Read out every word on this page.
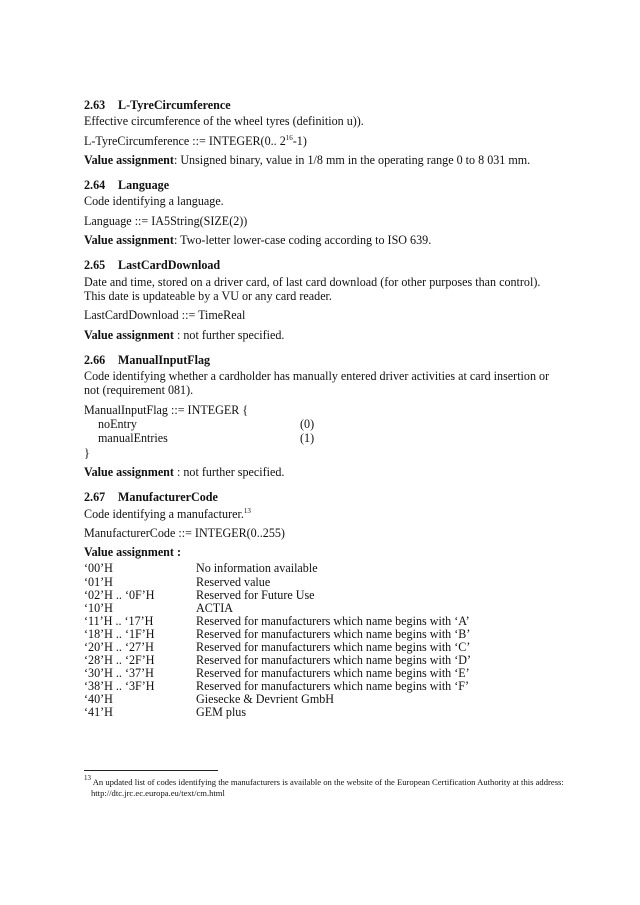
2.63 L-TyreCircumference

Effective circumference of the wheel tyres (definition u)).

L-TyreCircumference ::= INTEGER(0.. $2^{16}-1$)

Value assignment: Unsigned binary, value in 1/8 mm in the operating range 0 to 8 031 mm.

2.64 Language

Code identifying a language.

Language ::= IA5String(SIZE(2))

Value assignment: Two-letter lower-case coding according to ISO 639.

2.65 LastCardDownload

Date and time, stored on a driver card, of last card download (for other purposes than control). This date is updateable by a VU or any card reader.

LastCardDownload ::= TimeReal

Value assignment : not further specified.

2.66 ManualInputFlag

Code identifying whether a cardholder has manually entered driver activities at card insertion or not (requirement 081).

ManualInputFlag ::= INTEGER {
noEntry	(0)
manualEntries	(1)
}

Value assignment : not further specified.

2.67 ManufacturerCode

Code identifying a manufacturer.$^{13}$

ManufacturerCode ::= INTEGER(0..255)

Value assignment :

‘00’H	No information available
‘01’H	Reserved value
‘02’H .. ‘0F’H	Reserved for Future Use
‘10’H	ACTIA
‘11’H .. ‘17’H	Reserved for manufacturers which name begins with ‘A’
‘18’H .. ‘1F’H	Reserved for manufacturers which name begins with ‘B’
‘20’H .. ‘27’H	Reserved for manufacturers which name begins with ‘C’
‘28’H .. ‘2F’H	Reserved for manufacturers which name begins with ‘D’
‘30’H .. ‘37’H	Reserved for manufacturers which name begins with ‘E’
‘38’H .. ‘3F’H	Reserved for manufacturers which name begins with ‘F’
‘40’H	Giesecke & Devrient GmbH
‘41’H	GEM plus
$^{13}$ An updated list of codes identifying the manufacturers is available on the website of the European Certification Authority at this address: http://dtc.jrc.ec.europa.eu/text/cm.html
